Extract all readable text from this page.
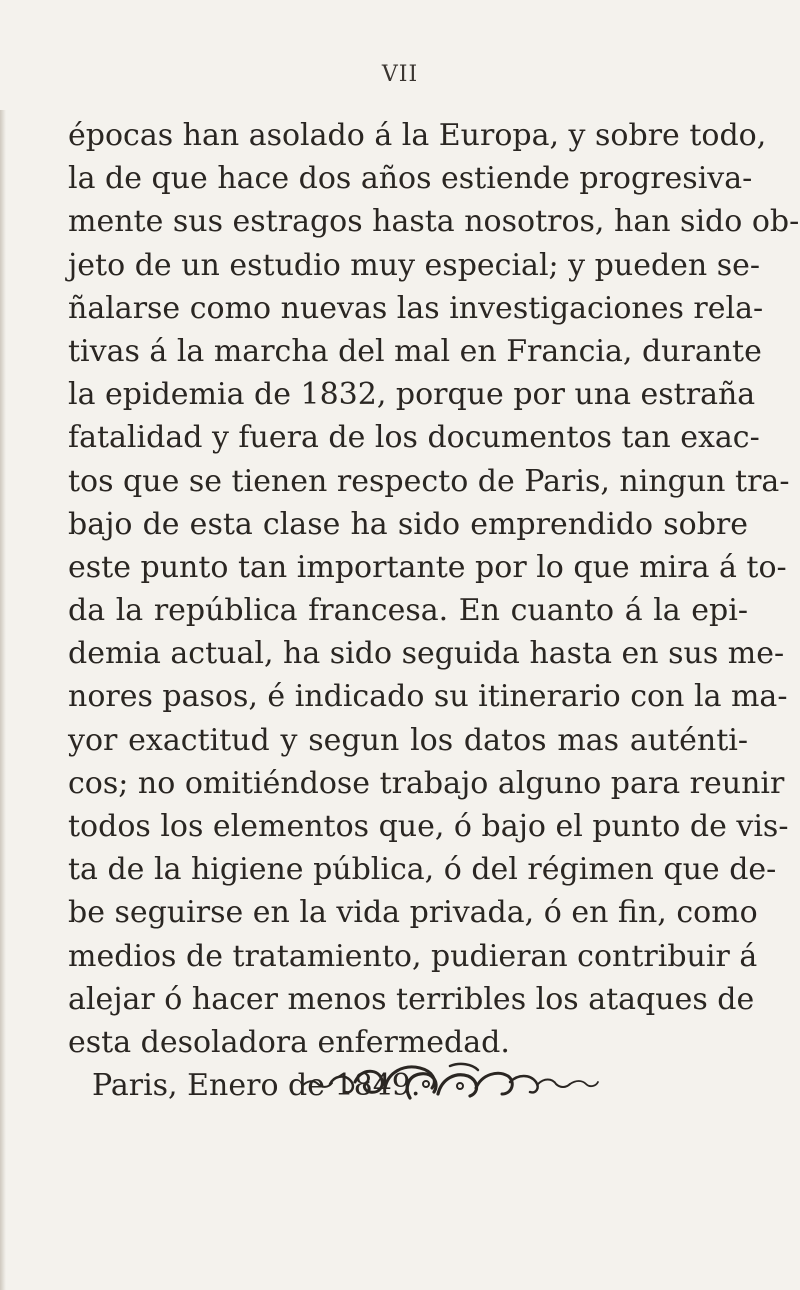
VII
épocas han asolado á la Europa, y sobre todo,
la de que hace dos años estiende progresiva-
mente sus estragos hasta nosotros, han sido ob-
jeto de un estudio muy especial; y pueden se-
ñalarse como nuevas las investigaciones rela-
tivas á la marcha del mal en Francia, durante
la epidemia de 1832, porque por una estraña
fatalidad y fuera de los documentos tan exac-
tos que se tienen respecto de Paris, ningun tra-
bajo de esta clase ha sido emprendido sobre
este punto tan importante por lo que mira á to-
da la república francesa. En cuanto á la epi-
demia actual, ha sido seguida hasta en sus me-
nores pasos, é indicado su itinerario con la ma-
yor exactitud y segun los datos mas auténti-
cos; no omitiéndose trabajo alguno para reunir
todos los elementos que, ó bajo el punto de vis-
ta de la higiene pública, ó del régimen que de-
be seguirse en la vida privada, ó en fin, como
medios de tratamiento, pudieran contribuir á
alejar ó hacer menos terribles los ataques de
esta desoladora enfermedad.
Paris, Enero de 1849.
